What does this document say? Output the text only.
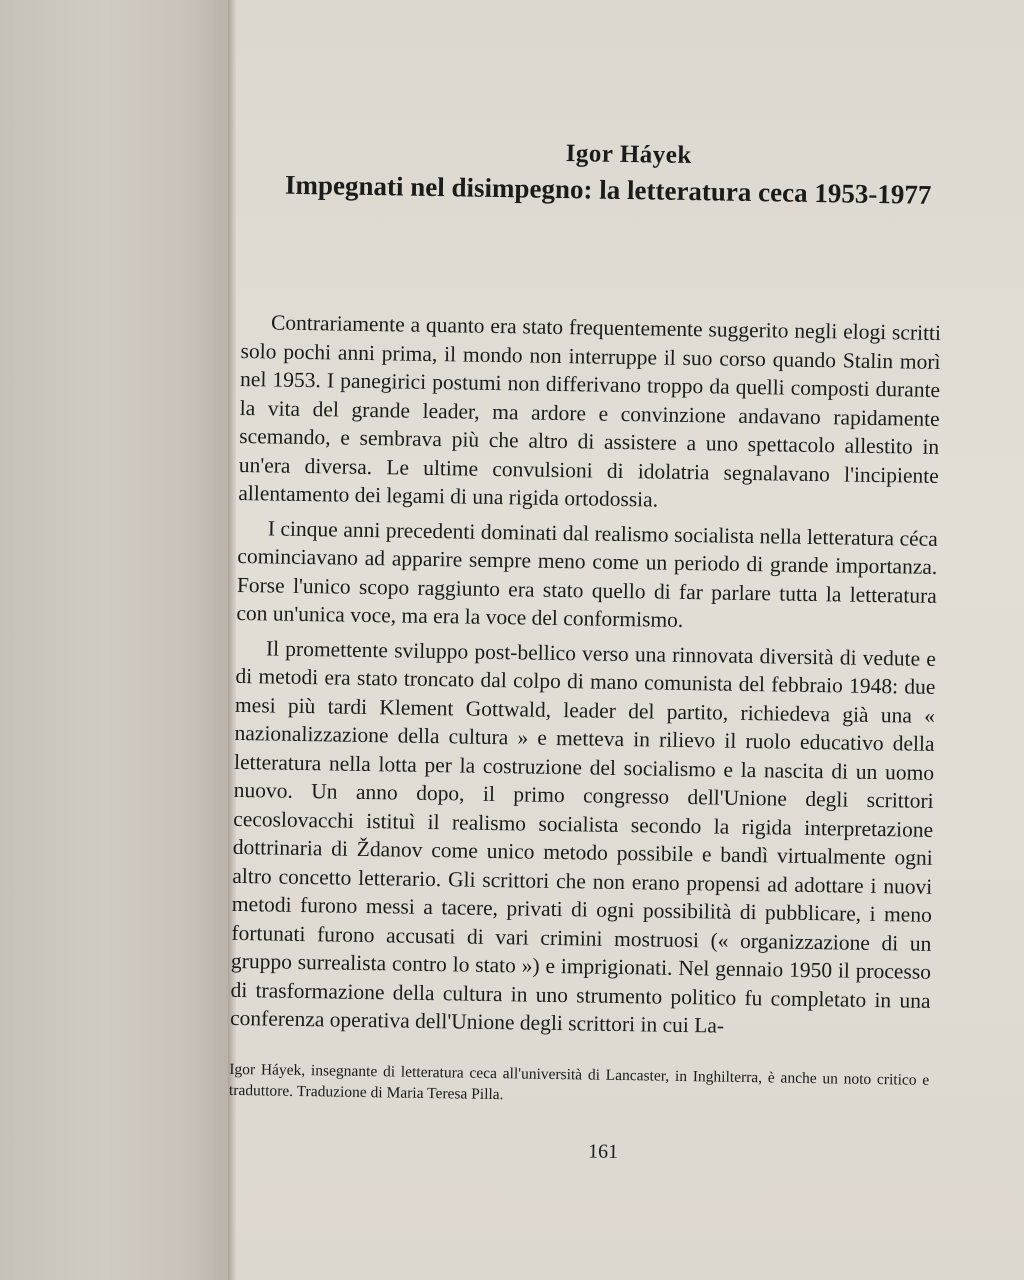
Igor Háyek
Impegnati nel disimpegno: la letteratura ceca 1953-1977

Contrariamente a quanto era stato frequentemente suggerito negli elogi scritti solo pochi anni prima, il mondo non interruppe il suo corso quando Stalin morì nel 1953. I panegirici postumi non differivano troppo da quelli composti durante la vita del grande leader, ma ardore e convinzione andavano rapidamente scemando, e sembrava più che altro di assistere a uno spettacolo allestito in un'era diversa. Le ultime convulsioni di idolatria segnalavano l'incipiente allentamento dei legami di una rigida ortodossia.

I cinque anni precedenti dominati dal realismo socialista nella letteratura céca cominciavano ad apparire sempre meno come un periodo di grande importanza. Forse l'unico scopo raggiunto era stato quello di far parlare tutta la letteratura con un'unica voce, ma era la voce del conformismo.

Il promettente sviluppo post-bellico verso una rinnovata diversità di vedute e di metodi era stato troncato dal colpo di mano comunista del febbraio 1948: due mesi più tardi Klement Gottwald, leader del partito, richiedeva già una « nazionalizzazione della cultura » e metteva in rilievo il ruolo educativo della letteratura nella lotta per la costruzione del socialismo e la nascita di un uomo nuovo. Un anno dopo, il primo congresso dell'Unione degli scrittori cecoslovacchi istituì il realismo socialista secondo la rigida interpretazione dottrinaria di Ždanov come unico metodo possibile e bandì virtualmente ogni altro concetto letterario. Gli scrittori che non erano propensi ad adottare i nuovi metodi furono messi a tacere, privati di ogni possibilità di pubblicare, i meno fortunati furono accusati di vari crimini mostruosi (« organizzazione di un gruppo surrealista contro lo stato ») e imprigionati. Nel gennaio 1950 il processo di trasformazione della cultura in uno strumento politico fu completato in una conferenza operativa dell'Unione degli scrittori in cui La-

Igor Háyek, insegnante di letteratura ceca all'università di Lancaster, in Inghilterra, è anche un noto critico e traduttore. Traduzione di Maria Teresa Pilla.
161
